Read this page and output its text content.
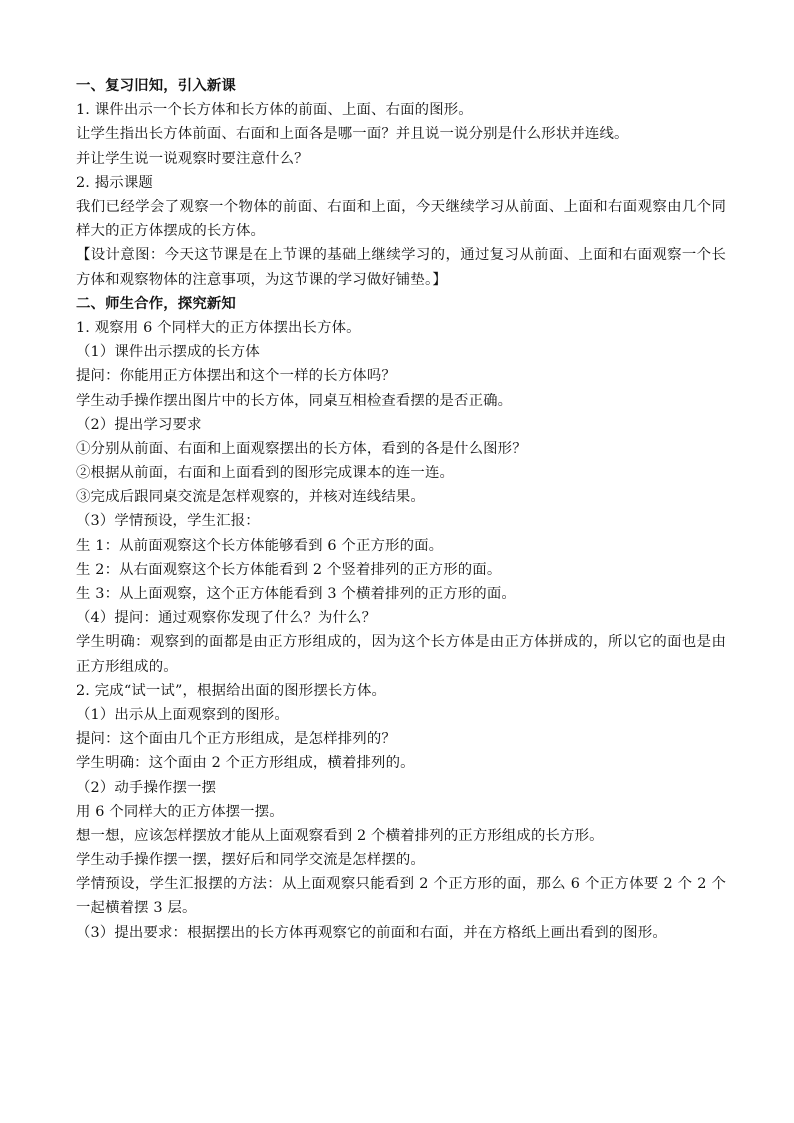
一、复习旧知，引入新课
1. 课件出示一个长方体和长方体的前面、上面、右面的图形。
让学生指出长方体前面、右面和上面各是哪一面？并且说一说分别是什么形状并连线。
并让学生说一说观察时要注意什么？
2. 揭示课题
我们已经学会了观察一个物体的前面、右面和上面，今天继续学习从前面、上面和右面观察由几个同样大的正方体摆成的长方体。
【设计意图：今天这节课是在上节课的基础上继续学习的，通过复习从前面、上面和右面观察一个长方体和观察物体的注意事项，为这节课的学习做好铺垫。】
二、师生合作，探究新知
1. 观察用 6 个同样大的正方体摆出长方体。
（1）课件出示摆成的长方体
提问：你能用正方体摆出和这个一样的长方体吗？
学生动手操作摆出图片中的长方体，同桌互相检查看摆的是否正确。
（2）提出学习要求
①分别从前面、右面和上面观察摆出的长方体，看到的各是什么图形？
②根据从前面，右面和上面看到的图形完成课本的连一连。
③完成后跟同桌交流是怎样观察的，并核对连线结果。
（3）学情预设，学生汇报：
生 1：从前面观察这个长方体能够看到 6 个正方形的面。
生 2：从右面观察这个长方体能看到 2 个竖着排列的正方形的面。
生 3：从上面观察，这个正方体能看到 3 个横着排列的正方形的面。
（4）提问：通过观察你发现了什么？为什么？
学生明确：观察到的面都是由正方形组成的，因为这个长方体是由正方体拼成的，所以它的面也是由正方形组成的。
2. 完成“试一试”，根据给出面的图形摆长方体。
（1）出示从上面观察到的图形。
提问：这个面由几个正方形组成，是怎样排列的？
学生明确：这个面由 2 个正方形组成，横着排列的。
（2）动手操作摆一摆
用 6 个同样大的正方体摆一摆。
想一想，应该怎样摆放才能从上面观察看到 2 个横着排列的正方形组成的长方形。
学生动手操作摆一摆，摆好后和同学交流是怎样摆的。
学情预设，学生汇报摆的方法：从上面观察只能看到 2 个正方形的面，那么 6 个正方体要 2 个 2 个一起横着摆 3 层。
（3）提出要求：根据摆出的长方体再观察它的前面和右面，并在方格纸上画出看到的图形。
